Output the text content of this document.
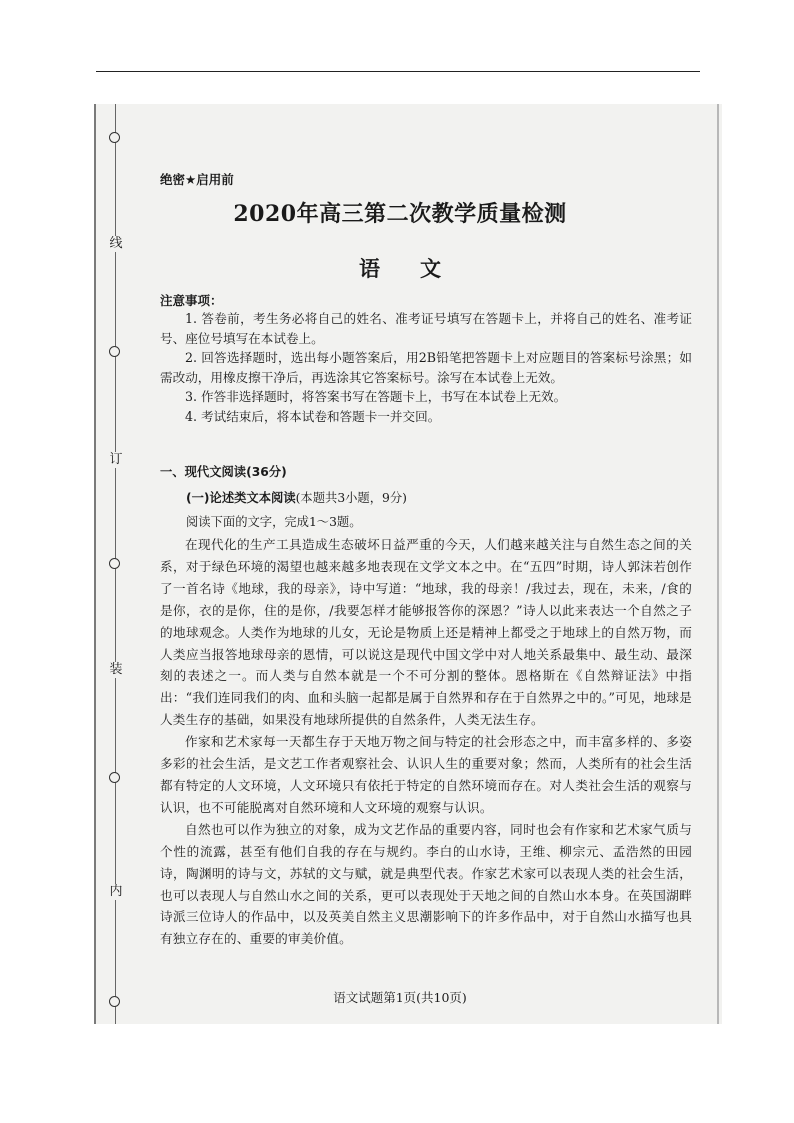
线
订
装
内
绝密★启用前
2020年高三第二次教学质量检测
语文
注意事项：

1. 答卷前，考生务必将自己的姓名、准考证号填写在答题卡上，并将自己的姓名、准考证号、座位号填写在本试卷上。

2. 回答选择题时，选出每小题答案后，用2B铅笔把答题卡上对应题目的答案标号涂黑；如需改动，用橡皮擦干净后，再选涂其它答案标号。涂写在本试卷上无效。

3. 作答非选择题时，将答案书写在答题卡上，书写在本试卷上无效。

4. 考试结束后，将本试卷和答题卡一并交回。

一、现代文阅读(36分)
(一)论述类文本阅读(本题共3小题，9分)
阅读下面的文字，完成1～3题。

在现代化的生产工具造成生态破坏日益严重的今天，人们越来越关注与自然生态之间的关系，对于绿色环境的渴望也越来越多地表现在文学文本之中。在“五四”时期，诗人郭沫若创作了一首名诗《地球，我的母亲》，诗中写道：“地球，我的母亲！/我过去，现在，未来，/食的是你，衣的是你，住的是你，/我要怎样才能够报答你的深恩？”诗人以此来表达一个自然之子的地球观念。人类作为地球的儿女，无论是物质上还是精神上都受之于地球上的自然万物，而人类应当报答地球母亲的恩情，可以说这是现代中国文学中对人地关系最集中、最生动、最深刻的表述之一。而人类与自然本就是一个不可分割的整体。恩格斯在《自然辩证法》中指出：“我们连同我们的肉、血和头脑一起都是属于自然界和存在于自然界之中的。”可见，地球是人类生存的基础，如果没有地球所提供的自然条件，人类无法生存。

作家和艺术家每一天都生存于天地万物之间与特定的社会形态之中，而丰富多样的、多姿多彩的社会生活，是文艺工作者观察社会、认识人生的重要对象；然而，人类所有的社会生活都有特定的人文环境，人文环境只有依托于特定的自然环境而存在。对人类社会生活的观察与认识，也不可能脱离对自然环境和人文环境的观察与认识。

自然也可以作为独立的对象，成为文艺作品的重要内容，同时也会有作家和艺术家气质与个性的流露，甚至有他们自我的存在与规约。李白的山水诗，王维、柳宗元、孟浩然的田园诗，陶渊明的诗与文，苏轼的文与赋，就是典型代表。作家艺术家可以表现人类的社会生活，也可以表现人与自然山水之间的关系，更可以表现处于天地之间的自然山水本身。在英国湖畔诗派三位诗人的作品中，以及英美自然主义思潮影响下的许多作品中，对于自然山水描写也具有独立存在的、重要的审美价值。

语文试题第1页(共10页)
